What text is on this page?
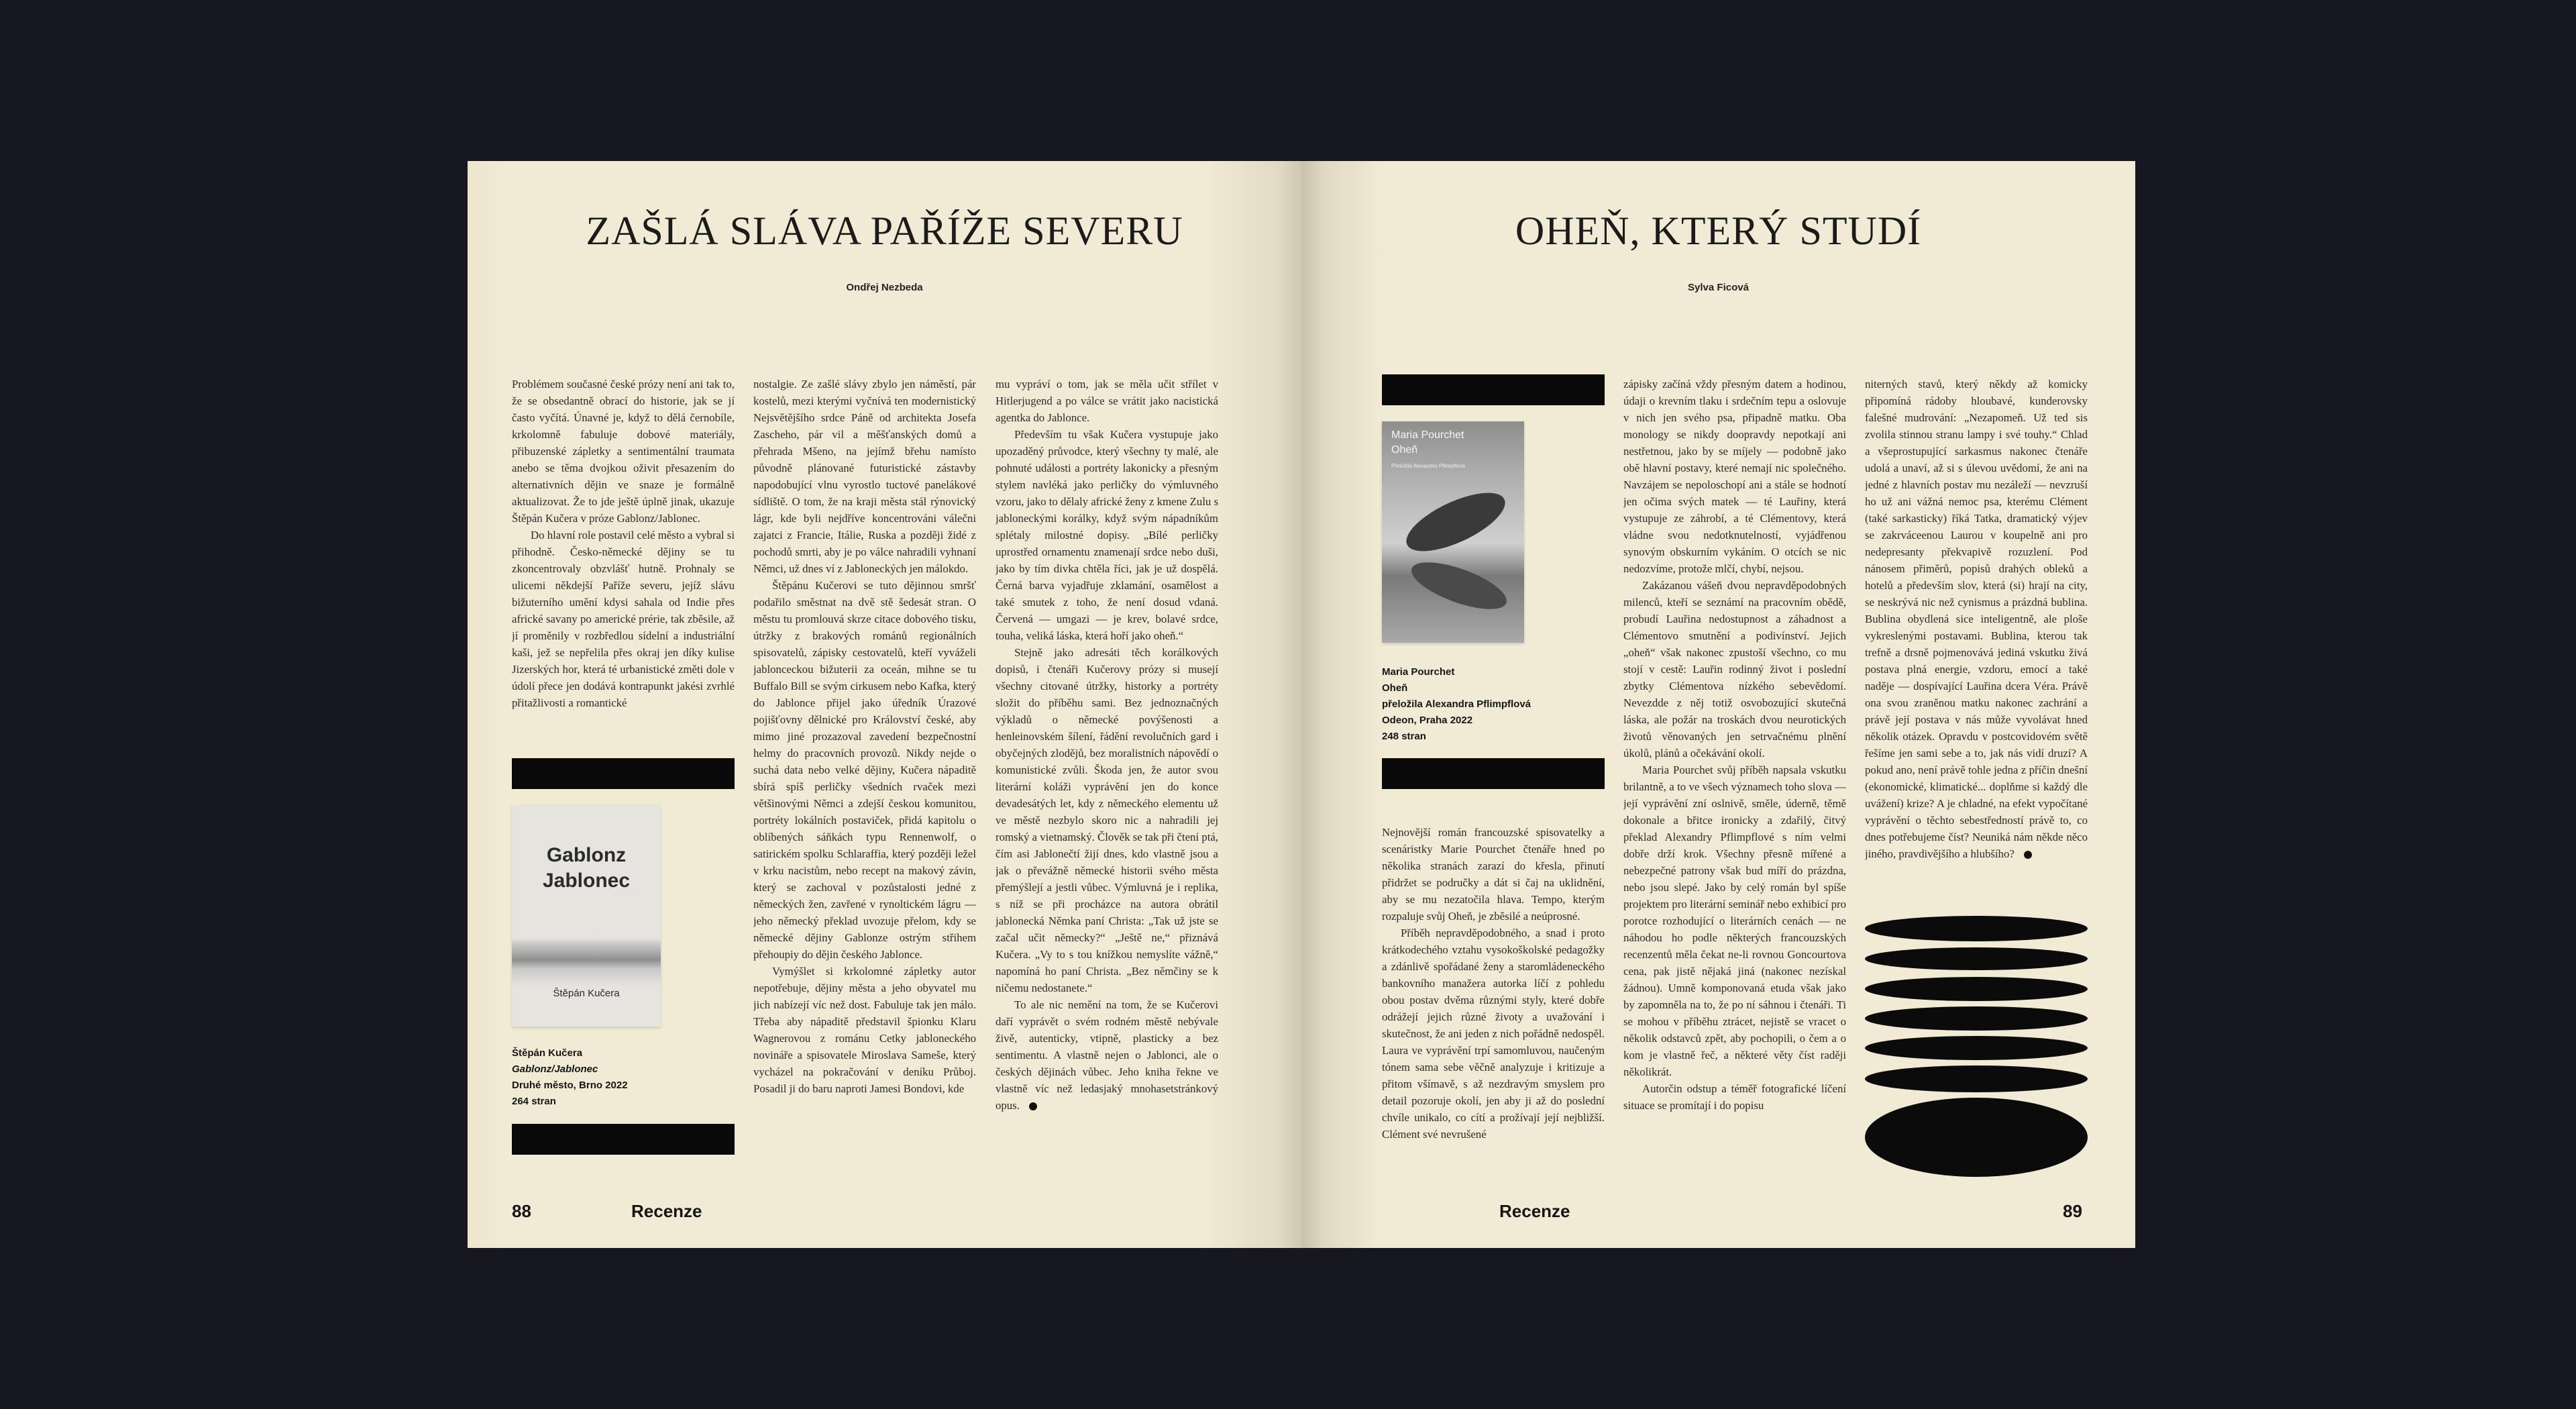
ZAŠLÁ SLÁVA PAŘÍŽE SEVERU
Ondřej Nezbeda

Problémem současné české prózy není ani tak to, že se obsedantně obrací do historie, jak se jí často vyčítá. Únavné je, když to dělá černobíle, krkolomně fabuluje dobové materiály, přibuzenské zápletky a sentimentální traumata anebo se těma dvojkou oživit přesazením do alternativních dějin ve snaze je formálně aktualizovat. Že to jde ještě úplně jinak, ukazuje Štěpán Kučera v próze Gablonz/Jablonec.

Do hlavní role postavil celé město a vybral si přihodně. Česko-německé dějiny se tu zkoncentrovaly obzvlášť hutně. Prohnaly se ulicemi někdejší Paříže severu, jejíž slávu bižuterního umění kdysi sahala od Indie přes africké savany po americké prérie, tak zběsile, až jí proměnily v rozbředlou sídelní a industriální kaši, jež se nepřelila přes okraj jen díky kulise Jizerských hor, která té urbanistické změti dole v údolí přece jen dodává kontrapunkt jakési zvrhlé přitažlivosti a romantické

Gablonz
Jablonec
Štěpán Kučera
Štěpán Kučera
Gablonz/Jablonec
Druhé město, Brno 2022
264 stran

nostalgie. Ze zašlé slávy zbylo jen náměstí, pár kostelů, mezi kterými vyčnívá ten modernistický Nejsvětějšího srdce Páně od architekta Josefa Zascheho, pár vil a měšťanských domů a přehrada Mšeno, na jejímž břehu namísto původně plánované futuristické zástavby napodobující vlnu vyrostlo tuctové panelákové sídliště. O tom, že na kraji města stál rýnovický lágr, kde byli nejdříve koncentrováni válečni zajatci z Francie, Itálie, Ruska a později židé z pochodů smrti, aby je po válce nahradili vyhnaní Němci, už dnes ví z Jabloneckých jen málokdo.

Štěpánu Kučerovi se tuto dějinnou smršť podařilo směstnat na dvě stě šedesát stran. O městu tu promlouvá skrze citace dobového tisku, útržky z brakových románů regionálních spisovatelů, zápisky cestovatelů, kteří vyváželi jablonceckou bižuterii za oceán, mihne se tu Buffalo Bill se svým cirkusem nebo Kafka, který do Jablonce přijel jako úředník Úrazové pojišťovny dělnické pro Království české, aby mimo jiné prozazoval zavedení bezpečnostní helmy do pracovních provozů. Nikdy nejde o suchá data nebo velké dějiny, Kučera nápaditě sbírá spíš perličky všedních rvaček mezi většinovými Němci a zdejší českou komunitou, portréty lokálních postaviček, přidá kapitolu o oblíbených sáňkách typu Rennenwolf, o satirickém spolku Schlaraffia, který později ležel v krku nacistům, nebo recept na makový závin, který se zachoval v pozůstalosti jedné z německých žen, zavřené v rynoltickém lágru — jeho německý překlad uvozuje přelom, kdy se německé dějiny Gablonze ostrým střihem přehoupiy do dějin českého Jablonce.

Vymýšlet si krkolomné zápletky autor nepotřebuje, dějiny města a jeho obyvatel mu jich nabízejí víc než dost. Fabuluje tak jen málo. Třeba aby nápaditě představil špionku Klaru Wagnerovou z románu Cetky jabloneckého novináře a spisovatele Miroslava Sameše, který vycházel na pokračování v deníku Průboj. Posadil ji do baru naproti Jamesi Bondovi, kde

mu vypráví o tom, jak se měla učit střílet v Hitlerjugend a po válce se vrátit jako nacistická agentka do Jablonce.

Především tu však Kučera vystupuje jako upozaděný průvodce, který všechny ty malé, ale pohnuté události a portréty lakonicky a přesným stylem navléká jako perličky do výmluvného vzoru, jako to dělaly africké ženy z kmene Zulu s jabloneckými korálky, když svým nápadníkům splétaly milostné dopisy. „Bílé perličky uprostřed ornamentu znamenají srdce nebo duši, jako by tím divka chtěla říci, jak je už dospělá. Černá barva vyjadřuje zklamání, osamělost a také smutek z toho, že není dosud vdaná. Červená — umgazi — je krev, bolavé srdce, touha, veliká láska, která hoří jako oheň.“

Stejně jako adresáti těch korálkových dopisů, i čtenáři Kučerovy prózy si musejí všechny citované útržky, historky a portréty složit do příběhu sami. Bez jednoznačných výkladů o německé povýšenosti a henleinovském šílení, řádění revolučních gard i obyčejných zlodějů, bez moralistních nápovědí o komunistické zvůli. Škoda jen, že autor svou literární koláži vyprávění jen do konce devadesátých let, kdy z německého elementu už ve městě nezbylo skoro nic a nahradili jej romský a vietnamský. Člověk se tak při čtení ptá, čím asi Jablonečtí žijí dnes, kdo vlastně jsou a jak o převážně německé historii svého města přemýšlejí a jestli vůbec. Výmluvná je i replika, s níž se při procházce na autora obrátil jablonecká Němka paní Christa: „Tak už jste se začal učit německy?“ „Ještě ne,“ přiznává Kučera. „Vy to s tou knížkou nemyslíte vážně,“ napomíná ho paní Christa. „Bez němčiny se k ničemu nedostanete.“

To ale nic nemění na tom, že se Kučerovi daří vyprávět o svém rodném městě nebývale živě, autenticky, vtipně, plasticky a bez sentimentu. A vlastně nejen o Jablonci, ale o českých dějinách vůbec. Jeho kniha řekne ve vlastně víc než ledasjaký mnohasetstránkový opus.

88	Recenze
OHEŇ, KTERÝ STUDÍ
Sylva Ficová
Maria Pourchet
Oheň
Přeložila Alexandra Pflimpflová
Maria Pourchet
Oheň
přeložila Alexandra Pflimpflová
Odeon, Praha 2022
248 stran

Nejnovější román francouzské spisovatelky a scenáristky Marie Pourchet čtenáře hned po několika stranách zarazí do křesla, přinutí přidržet se područky a dát si čaj na uklidnění, aby se mu nezatočila hlava. Tempo, kterým rozpaluje svůj Oheň, je zběsilé a neúprosné.

Příběh nepravděpodobného, a snad i proto krátkodechého vztahu vysokoškolské pedagožky a zdánlivě spořádané ženy a staromládeneckého bankovního manažera autorka líčí z pohledu obou postav dvěma různými styly, které dobře odrážejí jejich různé životy a uvažování i skutečnost, že ani jeden z nich pořádně nedospěl. Laura ve vyprávění trpí samomluvou, naučeným tónem sama sebe věčně analyzuje i kritizuje a přitom všímavě, s až nezdravým smyslem pro detail pozoruje okolí, jen aby ji až do poslední chvíle unikalo, co cítí a prožívají její nejbližší. Clément své nevrušené

zápisky začíná vždy přesným datem a hodinou, údaji o krevním tlaku i srdečním tepu a oslovuje v nich jen svého psa, připadně matku. Oba monology se nikdy doopravdy nepotkají ani nestřetnou, jako by se míjely — podobně jako obě hlavní postavy, které nemají nic společného. Navzájem se nepoloschopí ani a stále se hodnotí jen očima svých matek — té Lauřiny, která vystupuje ze záhrobí, a té Clémentovy, která vládne svou nedotknutelností, vyjádřenou synovým obskurním vykáním. O otcích se nic nedozvíme, protože mlčí, chybí, nejsou.

Zakázanou vášeň dvou nepravděpodobných milenců, kteří se seznámí na pracovním obědě, probudí Lauřina nedostupnost a záhadnost a Clémentovo smutnění a podivínství. Jejich „oheň“ však nakonec zpustoší všechno, co mu stojí v cestě: Lauřin rodinný život i poslední zbytky Clémentova nízkého sebevědomí. Nevezdde z něj totiž osvobozující skutečná láska, ale požár na troskách dvou neurotických životů věnovaných jen setrvačnému plnění úkolů, plánů a očekávání okolí.

Maria Pourchet svůj příběh napsala vskutku brilantně, a to ve všech významech toho slova — její vyprávění zní oslnivě, směle, úderně, těmě dokonale a břitce ironicky a zdařilý, čitvý překlad Alexandry Pflimpflové s ním velmi dobře drží krok. Všechny přesně mířené a nebezpečné patrony však bud míří do prázdna, nebo jsou slepé. Jako by celý román byl spíše projektem pro literární seminář nebo exhibicí pro porotce rozhodující o literárních cenách — ne náhodou ho podle některých francouzských recenzentů měla čekat ne-li rovnou Goncourtova cena, pak jistě nějaká jiná (nakonec nezískal žádnou). Umně komponovaná etuda však jako by zapomněla na to, že po ní sáhnou i čtenáři. Ti se mohou v příběhu ztrácet, nejistě se vracet o několik odstavců zpět, aby pochopili, o čem a o kom je vlastně řeč, a některé věty číst raději několikrát.

Autorčin odstup a téměř fotografické líčení situace se promítají i do popisu

niterných stavů, který někdy až komicky připomíná rádoby hloubavé, kunderovsky falešné mudrování: „Nezapomeň. Už ted sis zvolila stinnou stranu lampy i své touhy.“ Chlad a všeprostupující sarkasmus nakonec čtenáře udolá a unaví, až si s úlevou uvědomí, že ani na jedné z hlavních postav mu nezáleží — nevzruší ho už ani vážná nemoc psa, kterému Clément (také sarkasticky) říká Tatka, dramatický výjev se zakrváceenou Laurou v koupelně ani pro nedepresanty překvapivě rozuzlení. Pod nánosem přiměrů, popisů drahých obleků a hotelů a především slov, která (si) hrají na city, se neskrývá nic než cynismus a prázdná bublina. Bublina obydlená sice inteligentně, ale ploše vykreslenými postavami. Bublina, kterou tak trefně a drsně pojmenovává jediná vskutku živá postava plná energie, vzdoru, emocí a také naděje — dospívající Lauřina dcera Véra. Právě ona svou zraněnou matku nakonec zachrání a právě její postava v nás může vyvolávat hned několik otázek. Opravdu v postcovidovém světě řešíme jen sami sebe a to, jak nás vidí druzí? A pokud ano, není právě tohle jedna z příčin dnešní (ekonomické, klimatické... doplňme si každý dle uvážení) krize? A je chladné, na efekt vypočítané vyprávění o těchto sebestředností právě to, co dnes potřebujeme číst? Neuniká nám někde něco jiného, pravdivějšího a hlubšího?

Recenze	89
